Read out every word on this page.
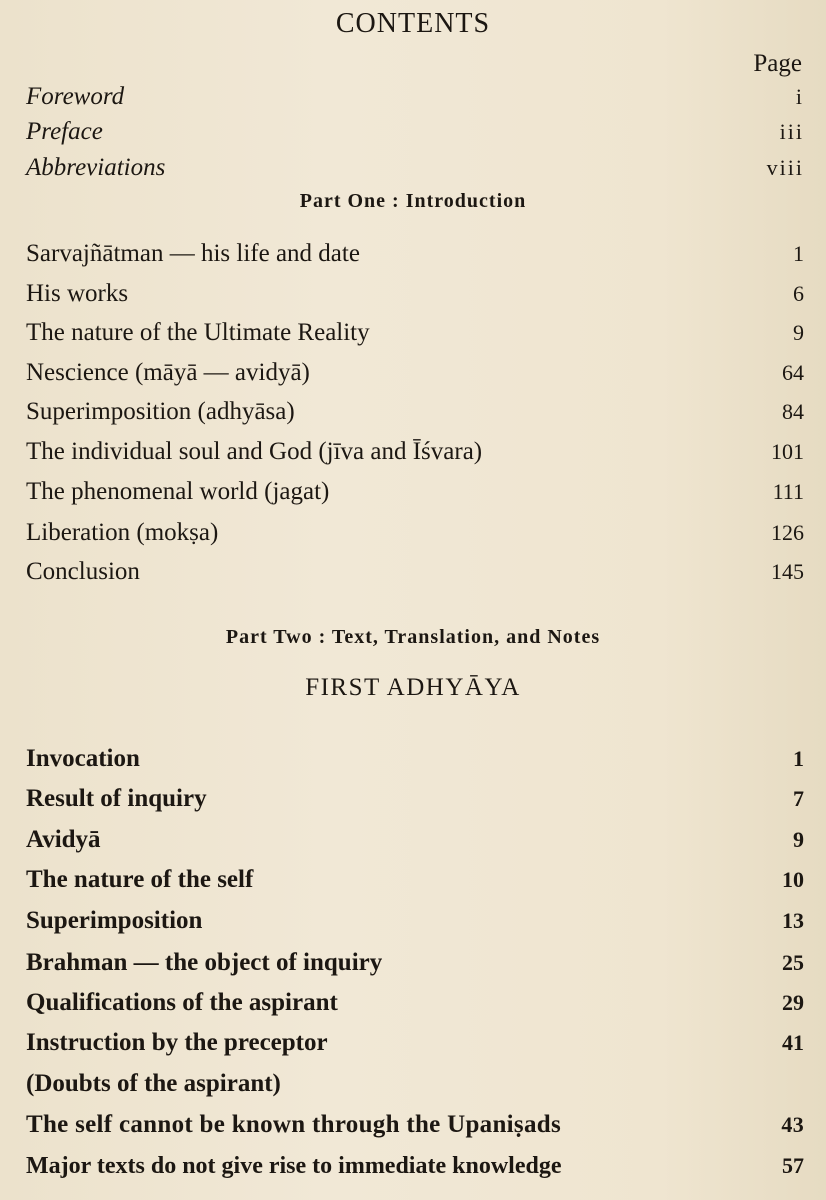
CONTENTS
Page
Foreword	i
Preface	iii
Abbreviations	viii
Part One : Introduction
Sarvajñātman — his life and date	1
His works	6
The nature of the Ultimate Reality	9
Nescience (māyā — avidyā)	64
Superimposition (adhyāsa)	84
The individual soul and God (jīva and Īśvara)	101
The phenomenal world (jagat)	111
Liberation (mokṣa)	126
Conclusion	145
Part Two : Text, Translation, and Notes
FIRST ADHYĀYA
Invocation	1
Result of inquiry	7
Avidyā	9
The nature of the self	10
Superimposition	13
Brahman — the object of inquiry	25
Qualifications of the aspirant	29
Instruction by the preceptor	41
(Doubts of the aspirant)
The self cannot be known through the Upaniṣads	43
Major texts do not give rise to immediate knowledge	57
